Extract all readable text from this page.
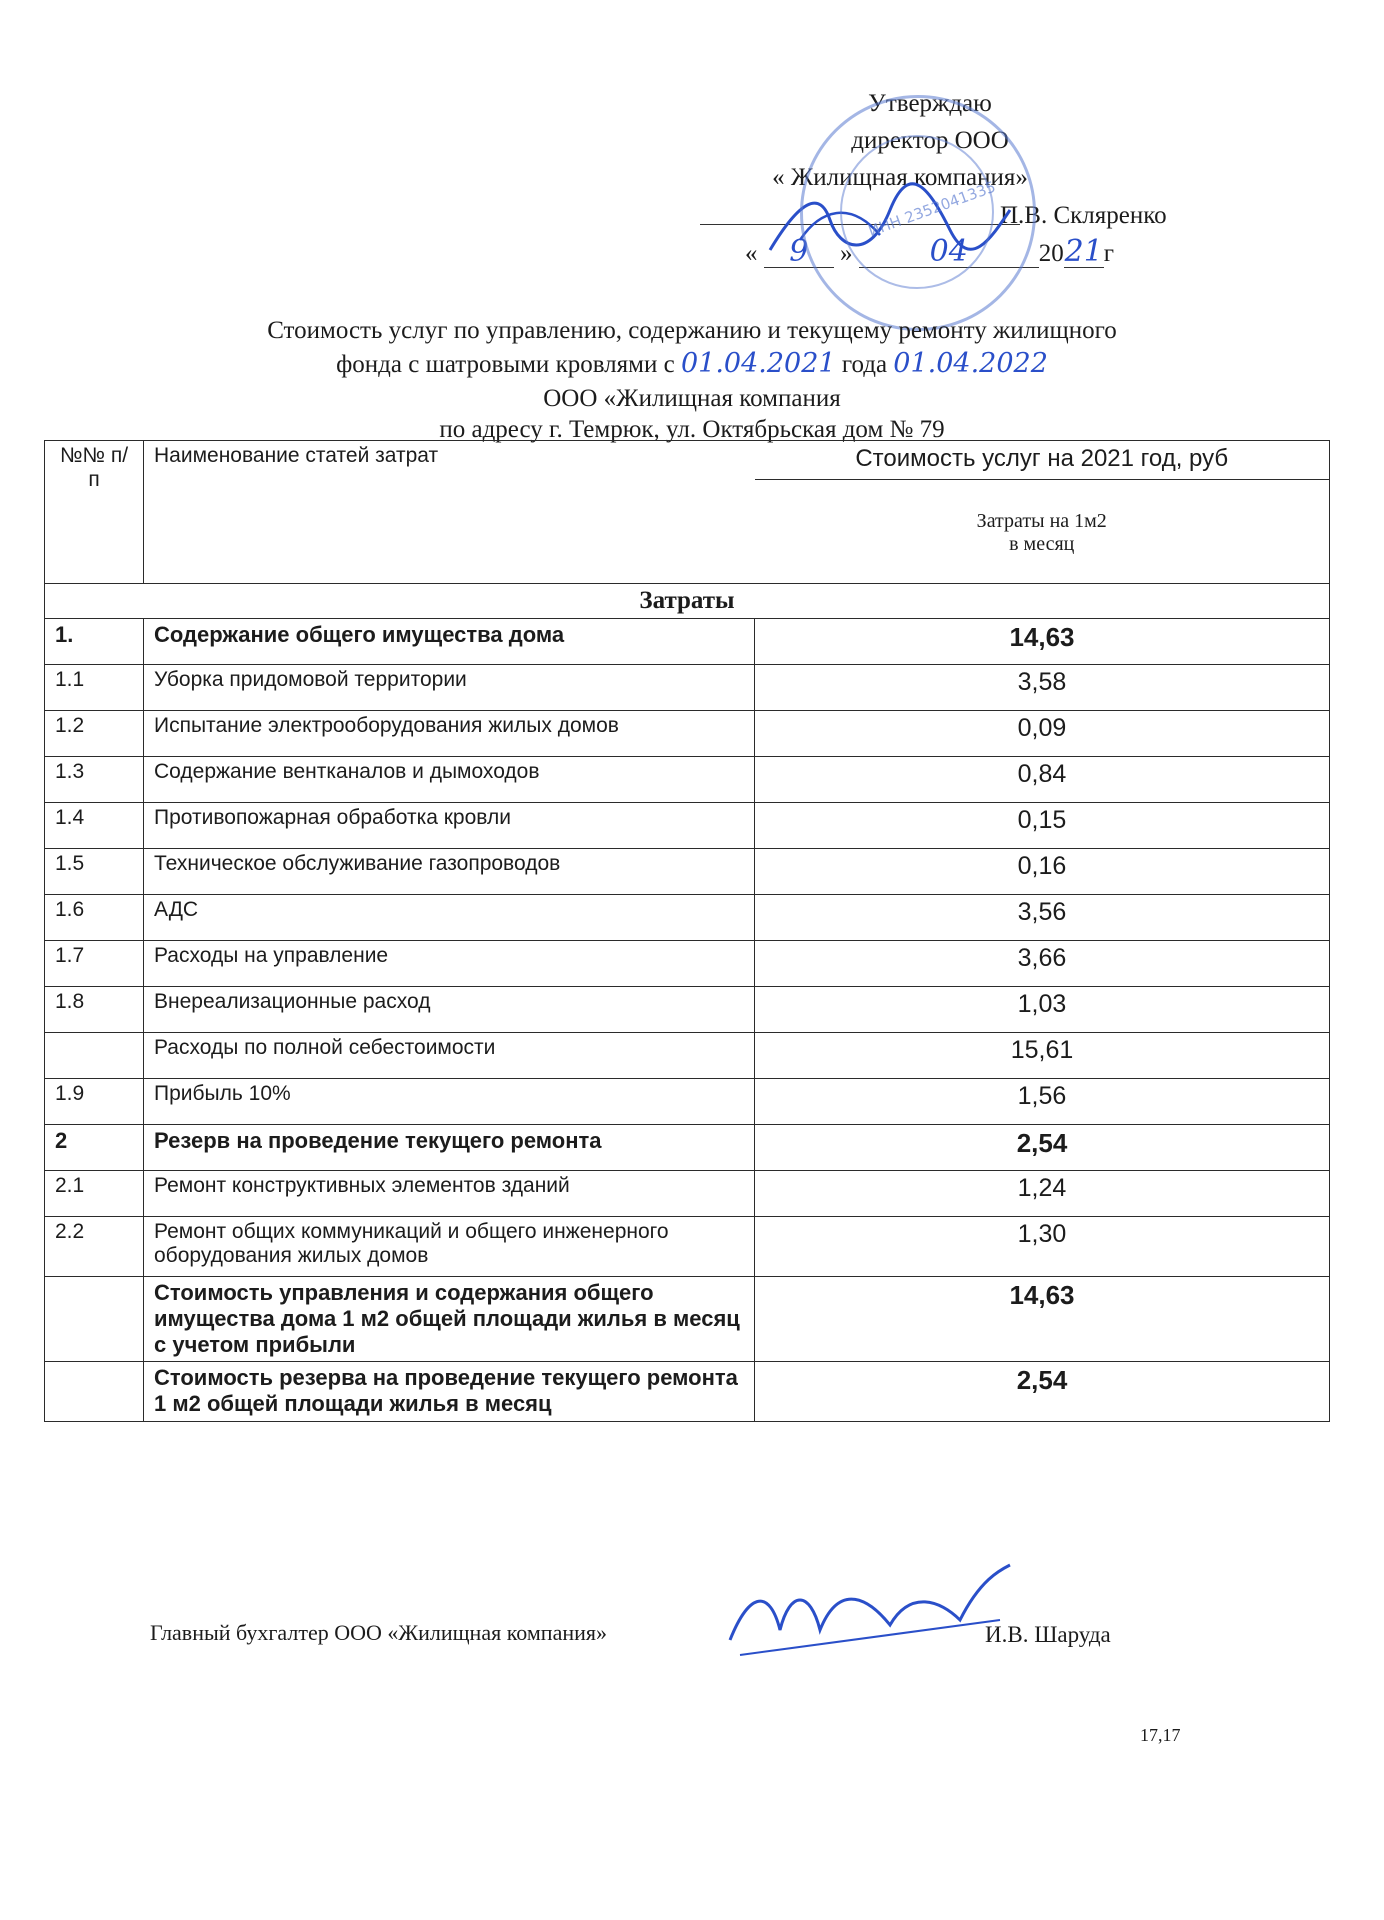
Утверждаю
директор ООО
« Жилищная компания»
П.В. Скляренко
« 9 »	04	2021г
ИНН 2352041335
Стоимость услуг по управлению, содержанию и текущему ремонту жилищного
фонда с шатровыми кровлями с 01.04.2021 года 01.04.2022
ООО «Жилищная компания
по адресу г. Темрюк, ул. Октябрьская дом № 79
№№ п/п	Наименование статей затрат	Стоимость услуг на 2021 год, руб
Затраты на 1м2
в месяц

Затраты		
1.	Содержание общего имущества дома	14,63
1.1	Уборка придомовой территории	3,58
1.2	Испытание электрооборудования жилых домов	0,09
1.3	Содержание вентканалов и дымоходов	0,84
1.4	Противопожарная обработка кровли	0,15
1.5	Техническое обслуживание газопроводов	0,16
1.6	АДС	3,56
1.7	Расходы на управление	3,66
1.8	Внереализационные расход	1,03
	Расходы по полной себестоимости	15,61
1.9	Прибыль 10%	1,56
2	Резерв на проведение текущего ремонта	2,54
2.1	Ремонт конструктивных элементов зданий	1,24
2.2	Ремонт общих коммуникаций и общего инженерного оборудования жилых домов	1,30
	Стоимость управления и содержания общего имущества дома 1 м2 общей площади жилья в месяц с учетом прибыли	14,63
	Стоимость резерва на проведение текущего ремонта 1 м2 общей площади жилья в месяц	2,54
Главный бухгалтер ООО «Жилищная компания»	И.В. Шаруда
17,17
